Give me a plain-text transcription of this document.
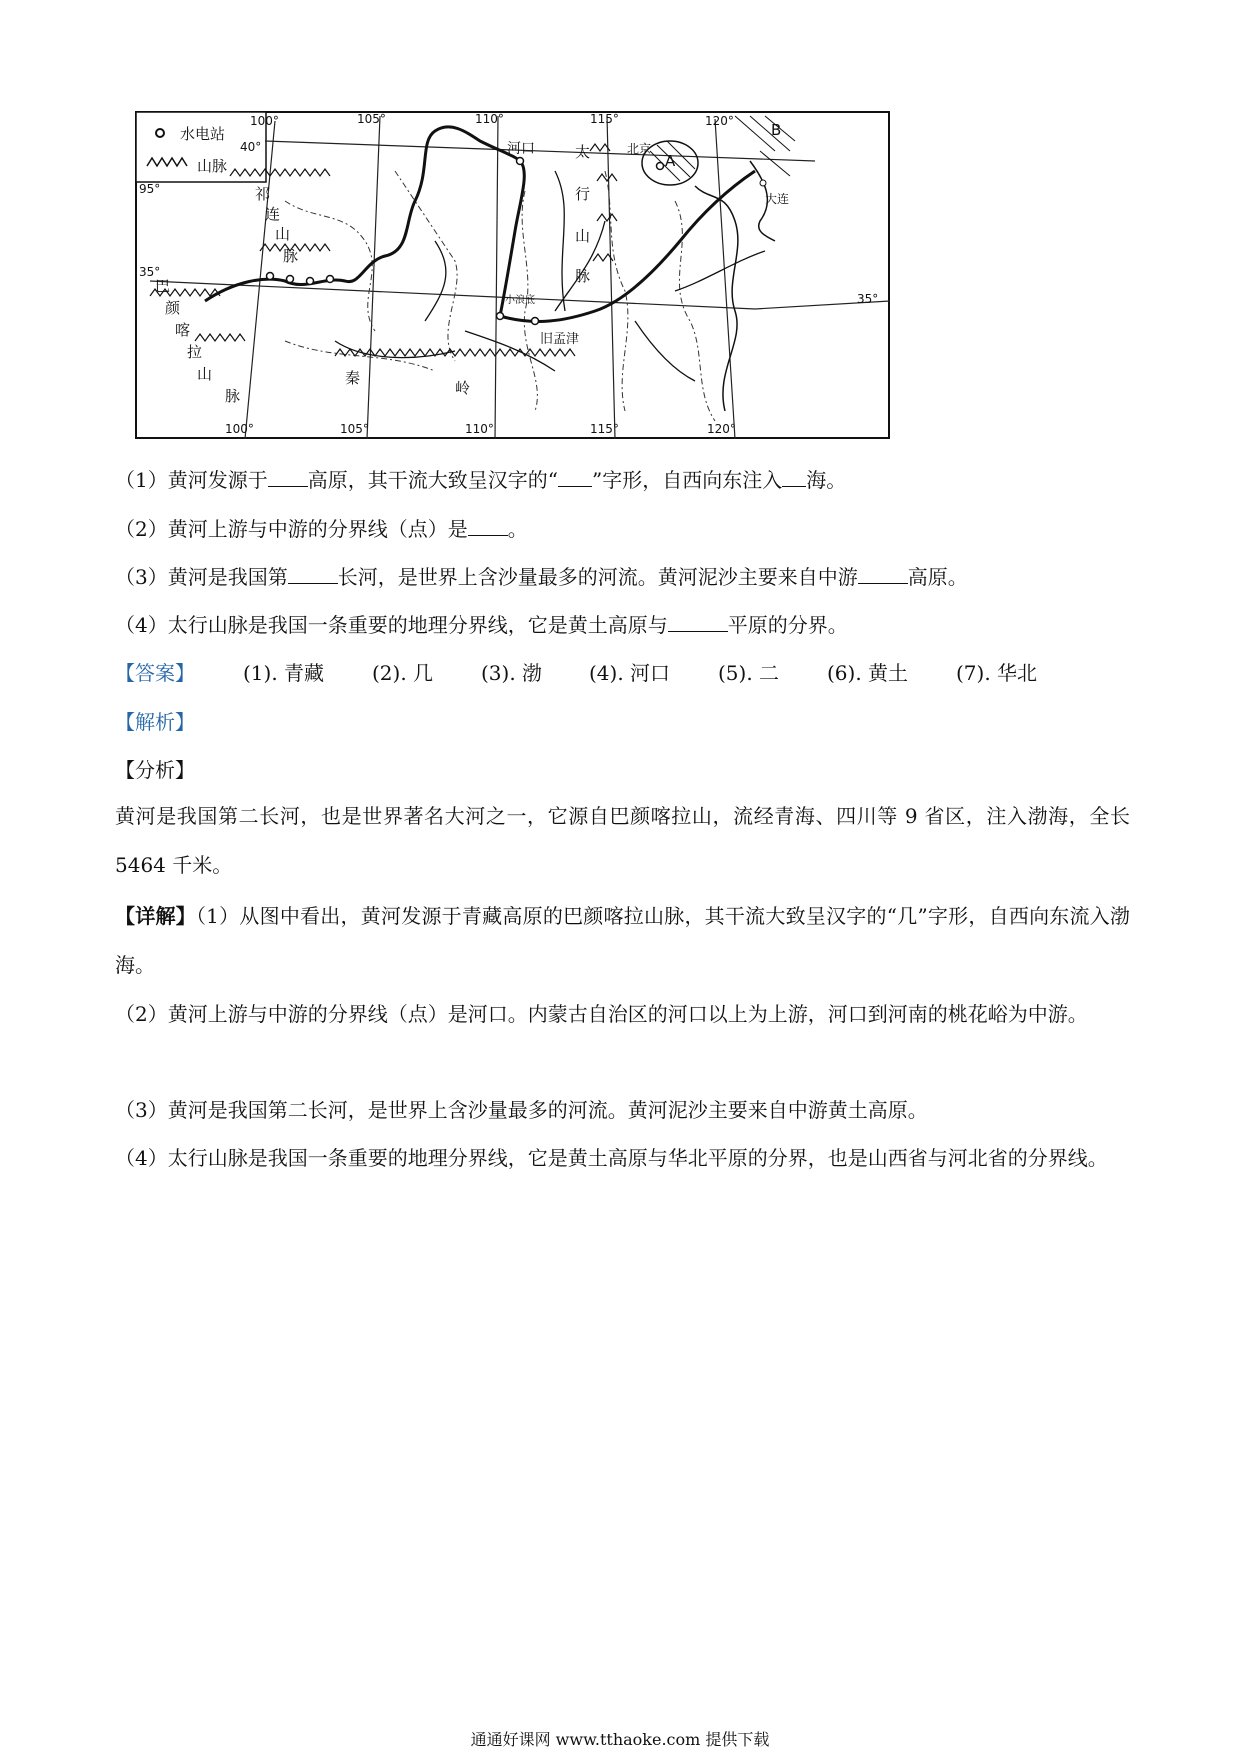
水电站
山脉
100°	105°	110°	115°	120°
100°	105°	110°	115°	120°
40°
35°
35°
95°
A
B
河口	北京
大连
小浪底
旧孟津
祁
连
山
脉
太
行
山
脉
巴
颜
喀
拉
山
脉
秦
岭
（1）黄河发源于 高原，其干流大致呈汉字的“ ”字形，自西向东注入 海。
（2）黄河上游与中游的分界线（点）是 。
（3）黄河是我国第	长河，是世界上含沙量最多的河流。黄河泥沙主要来自中游	高原。
（4）太行山脉是我国一条重要的地理分界线，它是黄土高原与	平原的分界。
【答案】 (1). 青藏 (2). 几 (3). 渤 (4). 河口 (5). 二 (6). 黄土 (7). 华北
【解析】
【分析】
黄河是我国第二长河，也是世界著名大河之一，它源自巴颜喀拉山，流经青海、四川等 9 省区，注入渤海，全长 5464 千米。
【详解】（1）从图中看出，黄河发源于青藏高原的巴颜喀拉山脉，其干流大致呈汉字的“几”字形，自西向东流入渤海。
（2）黄河上游与中游的分界线（点）是河口。内蒙古自治区的河口以上为上游，河口到河南的桃花峪为中游。
（3）黄河是我国第二长河，是世界上含沙量最多的河流。黄河泥沙主要来自中游黄土高原。
（4）太行山脉是我国一条重要的地理分界线，它是黄土高原与华北平原的分界，也是山西省与河北省的分界线。
通通好课网 www.tthaoke.com 提供下载
